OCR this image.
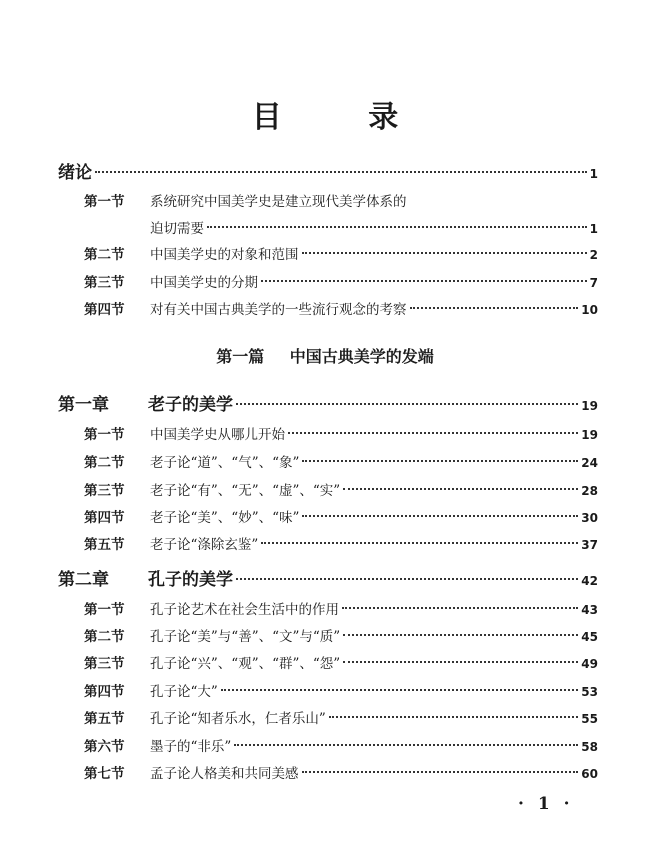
目 录
绪论	1
第一节	系统研究中国美学史是建立现代美学体系的
迫切需要	1
第二节	中国美学史的对象和范围	2
第三节	中国美学史的分期	7
第四节	对有关中国古典美学的一些流行观念的考察	10
第一篇 中国古典美学的发端
第一章	老子的美学	19
第一节	中国美学史从哪儿开始	19
第二节	老子论“道”、“气”、“象”	24
第三节	老子论“有”、“无”、“虚”、“实”	28
第四节	老子论“美”、“妙”、“味”	30
第五节	老子论“涤除玄鉴”	37
第二章	孔子的美学	42
第一节	孔子论艺术在社会生活中的作用	43
第二节	孔子论“美”与“善”、“文”与“质”	45
第三节	孔子论“兴”、“观”、“群”、“怨”	49
第四节	孔子论“大”	53
第五节	孔子论“知者乐水，仁者乐山”	55
第六节	墨子的“非乐”	58
第七节	孟子论人格美和共同美感	60
· 1 ·
